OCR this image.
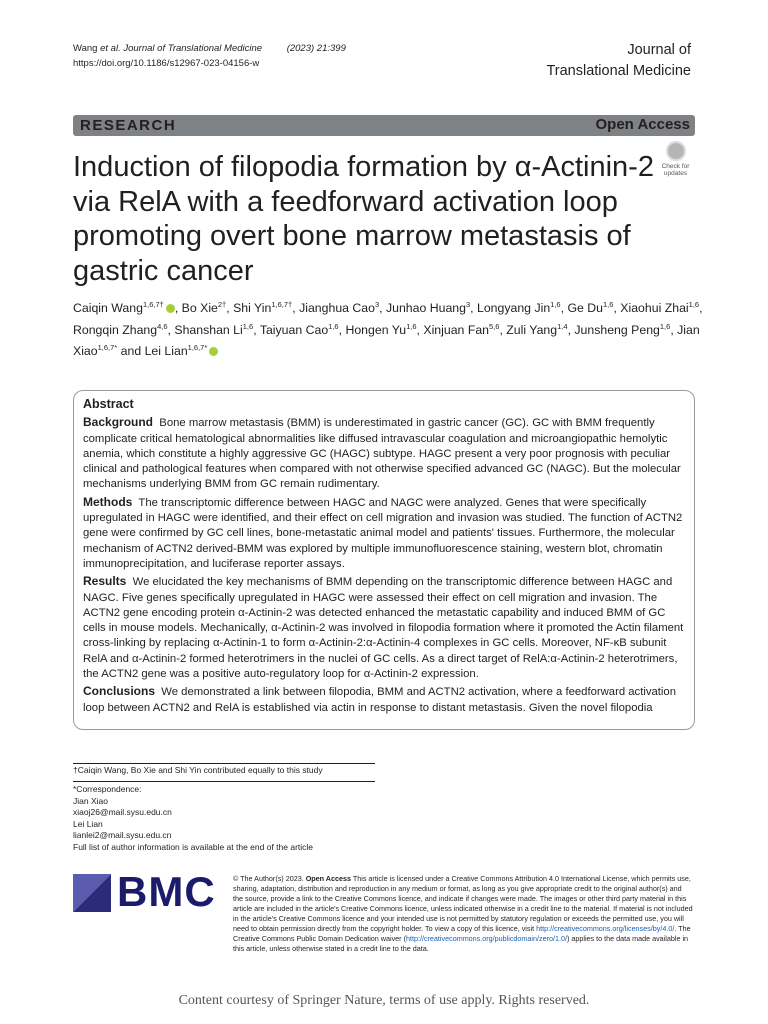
Wang et al. Journal of Translational Medicine	(2023) 21:399
https://doi.org/10.1186/s12967-023-04156-w
Journal of
Translational Medicine
RESEARCH	Open Access
Check for
updates
Induction of filopodia formation by α-Actinin-2 via RelA with a feedforward activation loop promoting overt bone marrow metastasis of gastric cancer
Caiqin Wang$^{1,6,7\dagger}$ , Bo Xie$^{2\dagger}$, Shi Yin$^{1,6,7\dagger}$, Jianghua Cao$^3$, Junhao Huang$^3$, Longyang Jin$^{1,6}$, Ge Du$^{1,6}$, Xiaohui Zhai$^{1,6}$, Rongqin Zhang$^{4,6}$, Shanshan Li$^{1,6}$, Taiyuan Cao$^{1,6}$, Hongen Yu$^{1,6}$, Xinjuan Fan$^{5,6}$, Zuli Yang$^{1,4}$, Junsheng Peng$^{1,6}$, Jian Xiao$^{1,6,7*}$ and Lei Lian$^{1,6,7*}$
Abstract

Background Bone marrow metastasis (BMM) is underestimated in gastric cancer (GC). GC with BMM frequently complicate critical hematological abnormalities like diffused intravascular coagulation and microangiopathic hemolytic anemia, which constitute a highly aggressive GC (HAGC) subtype. HAGC present a very poor prognosis with peculiar clinical and pathological features when compared with not otherwise specified advanced GC (NAGC). But the molecular mechanisms underlying BMM from GC remain rudimentary.

Methods The transcriptomic difference between HAGC and NAGC were analyzed. Genes that were specifically upregulated in HAGC were identified, and their effect on cell migration and invasion was studied. The function of ACTN2 gene were confirmed by GC cell lines, bone-metastatic animal model and patients' tissues. Furthermore, the molecular mechanism of ACTN2 derived-BMM was explored by multiple immunofluorescence staining, western blot, chromatin immunoprecipitation, and luciferase reporter assays.

Results We elucidated the key mechanisms of BMM depending on the transcriptomic difference between HAGC and NAGC. Five genes specifically upregulated in HAGC were assessed their effect on cell migration and invasion. The ACTN2 gene encoding protein α-Actinin-2 was detected enhanced the metastatic capability and induced BMM of GC cells in mouse models. Mechanically, α-Actinin-2 was involved in filopodia formation where it promoted the Actin filament cross-linking by replacing α-Actinin-1 to form α-Actinin-2:α-Actinin-4 complexes in GC cells. Moreover, NF-κB subunit RelA and α-Actinin-2 formed heterotrimers in the nuclei of GC cells. As a direct target of RelA:α-Actinin-2 heterotrimers, the ACTN2 gene was a positive auto-regulatory loop for α-Actinin-2 expression.

Conclusions We demonstrated a link between filopodia, BMM and ACTN2 activation, where a feedforward activation loop between ACTN2 and RelA is established via actin in response to distant metastasis. Given the novel filopodia

†Caiqin Wang, Bo Xie and Shi Yin contributed equally to this study
*Correspondence:
Jian Xiao
xiaoj26@mail.sysu.edu.cn
Lei Lian
lianlei2@mail.sysu.edu.cn
Full list of author information is available at the end of the article
BMC © The Author(s) 2023. Open Access This article is licensed under a Creative Commons Attribution 4.0 International License, which permits use, sharing, adaptation, distribution and reproduction in any medium or format, as long as you give appropriate credit to the original author(s) and the source, provide a link to the Creative Commons licence, and indicate if changes were made. The images or other third party material in this article are included in the article's Creative Commons licence, unless indicated otherwise in a credit line to the material. If material is not included in the article's Creative Commons licence and your intended use is not permitted by statutory regulation or exceeds the permitted use, you will need to obtain permission directly from the copyright holder. To view a copy of this licence, visit http://creativecommons.org/licenses/by/4.0/. The Creative Commons Public Domain Dedication waiver (http://creativecommons.org/publicdomain/zero/1.0/) applies to the data made available in this article, unless otherwise stated in a credit line to the data.
Content courtesy of Springer Nature, terms of use apply. Rights reserved.
